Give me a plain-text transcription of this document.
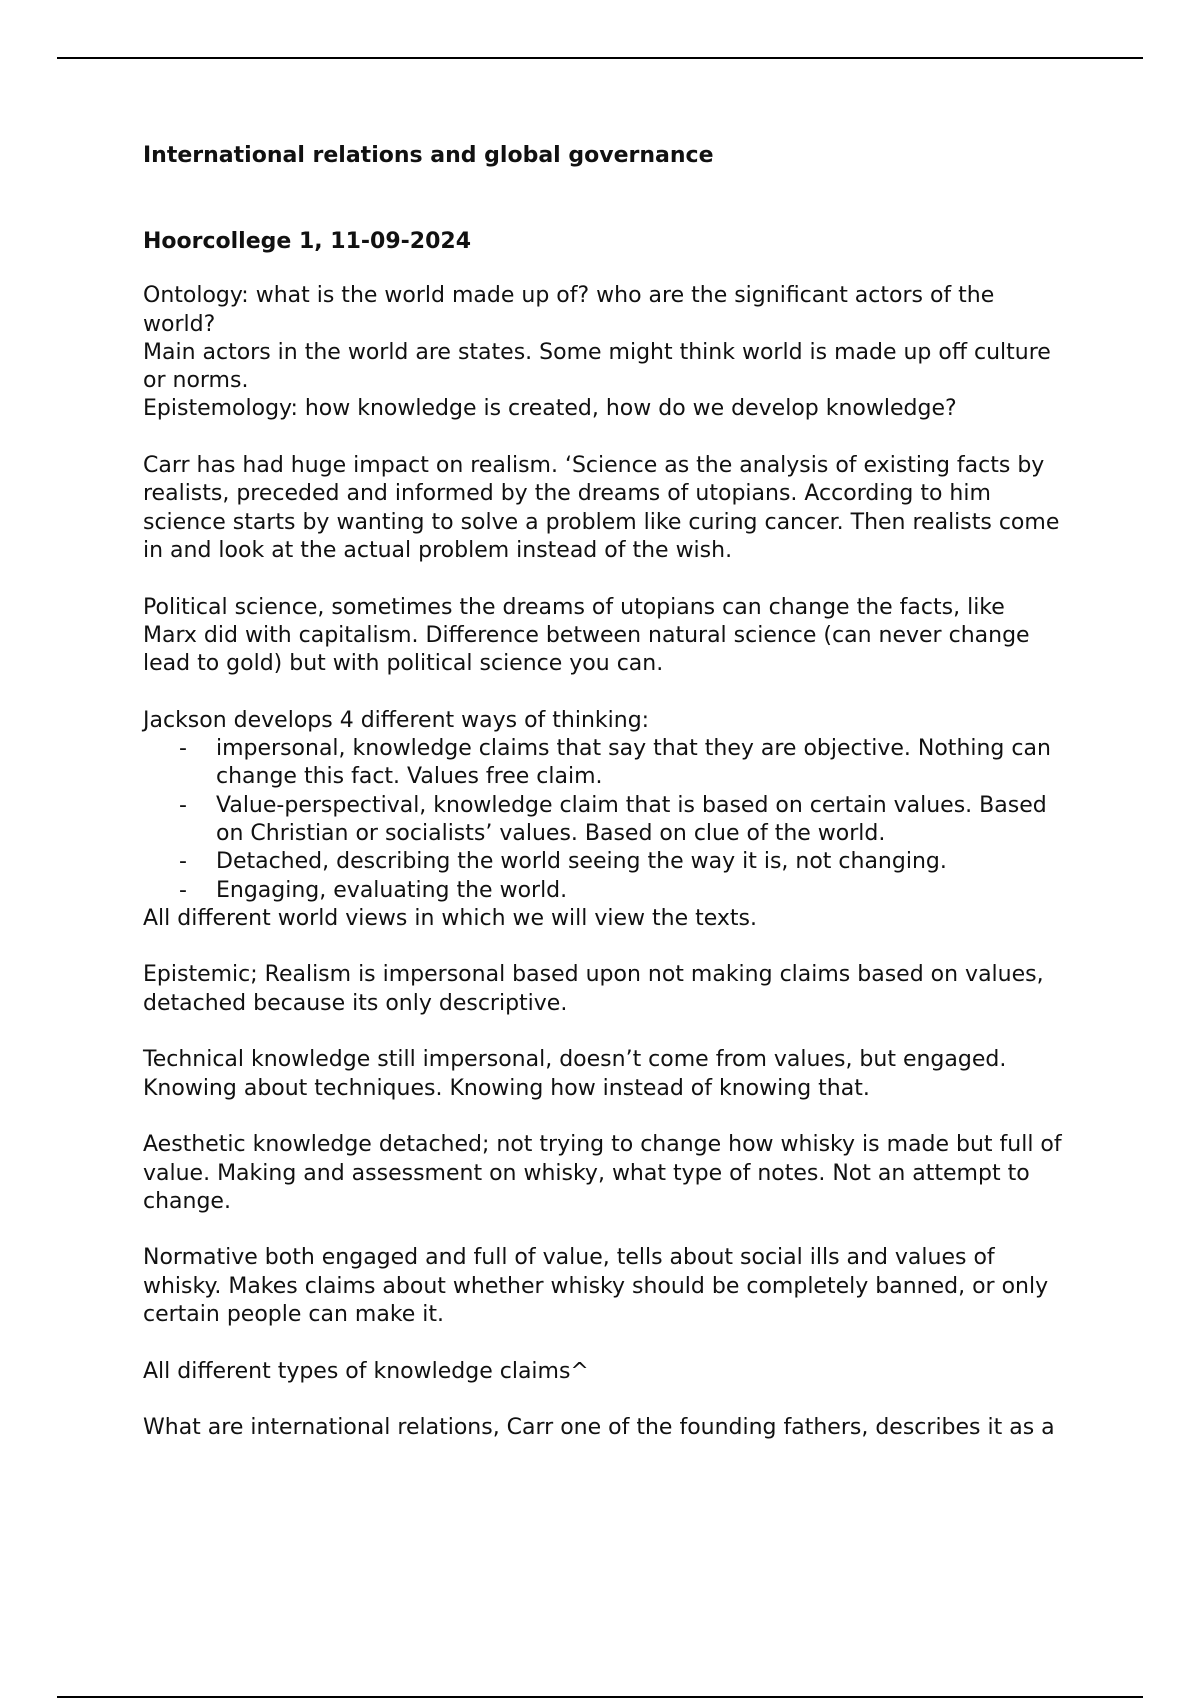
International relations and global governance

Hoorcollege 1, 11-09-2024

Ontology: what is the world made up of? who are the significant actors of the world?

Main actors in the world are states. Some might think world is made up off culture or norms.

Epistemology: how knowledge is created, how do we develop knowledge?

Carr has had huge impact on realism. ‘Science as the analysis of existing facts by realists, preceded and informed by the dreams of utopians. According to him science starts by wanting to solve a problem like curing cancer. Then realists come in and look at the actual problem instead of the wish.

Political science, sometimes the dreams of utopians can change the facts, like Marx did with capitalism. Difference between natural science (can never change lead to gold) but with political science you can.

Jackson develops 4 different ways of thinking:

- impersonal, knowledge claims that say that they are objective. Nothing can change this fact. Values free claim.
- Value-perspectival, knowledge claim that is based on certain values. Based on Christian or socialists’ values. Based on clue of the world.
- Detached, describing the world seeing the way it is, not changing.
- Engaging, evaluating the world.

All different world views in which we will view the texts.

Epistemic; Realism is impersonal based upon not making claims based on values, detached because its only descriptive.

Technical knowledge still impersonal, doesn’t come from values, but engaged. Knowing about techniques. Knowing how instead of knowing that.

Aesthetic knowledge detached; not trying to change how whisky is made but full of value. Making and assessment on whisky, what type of notes. Not an attempt to change.

Normative both engaged and full of value, tells about social ills and values of whisky. Makes claims about whether whisky should be completely banned, or only certain people can make it.

All different types of knowledge claims^

What are international relations, Carr one of the founding fathers, describes it as a
